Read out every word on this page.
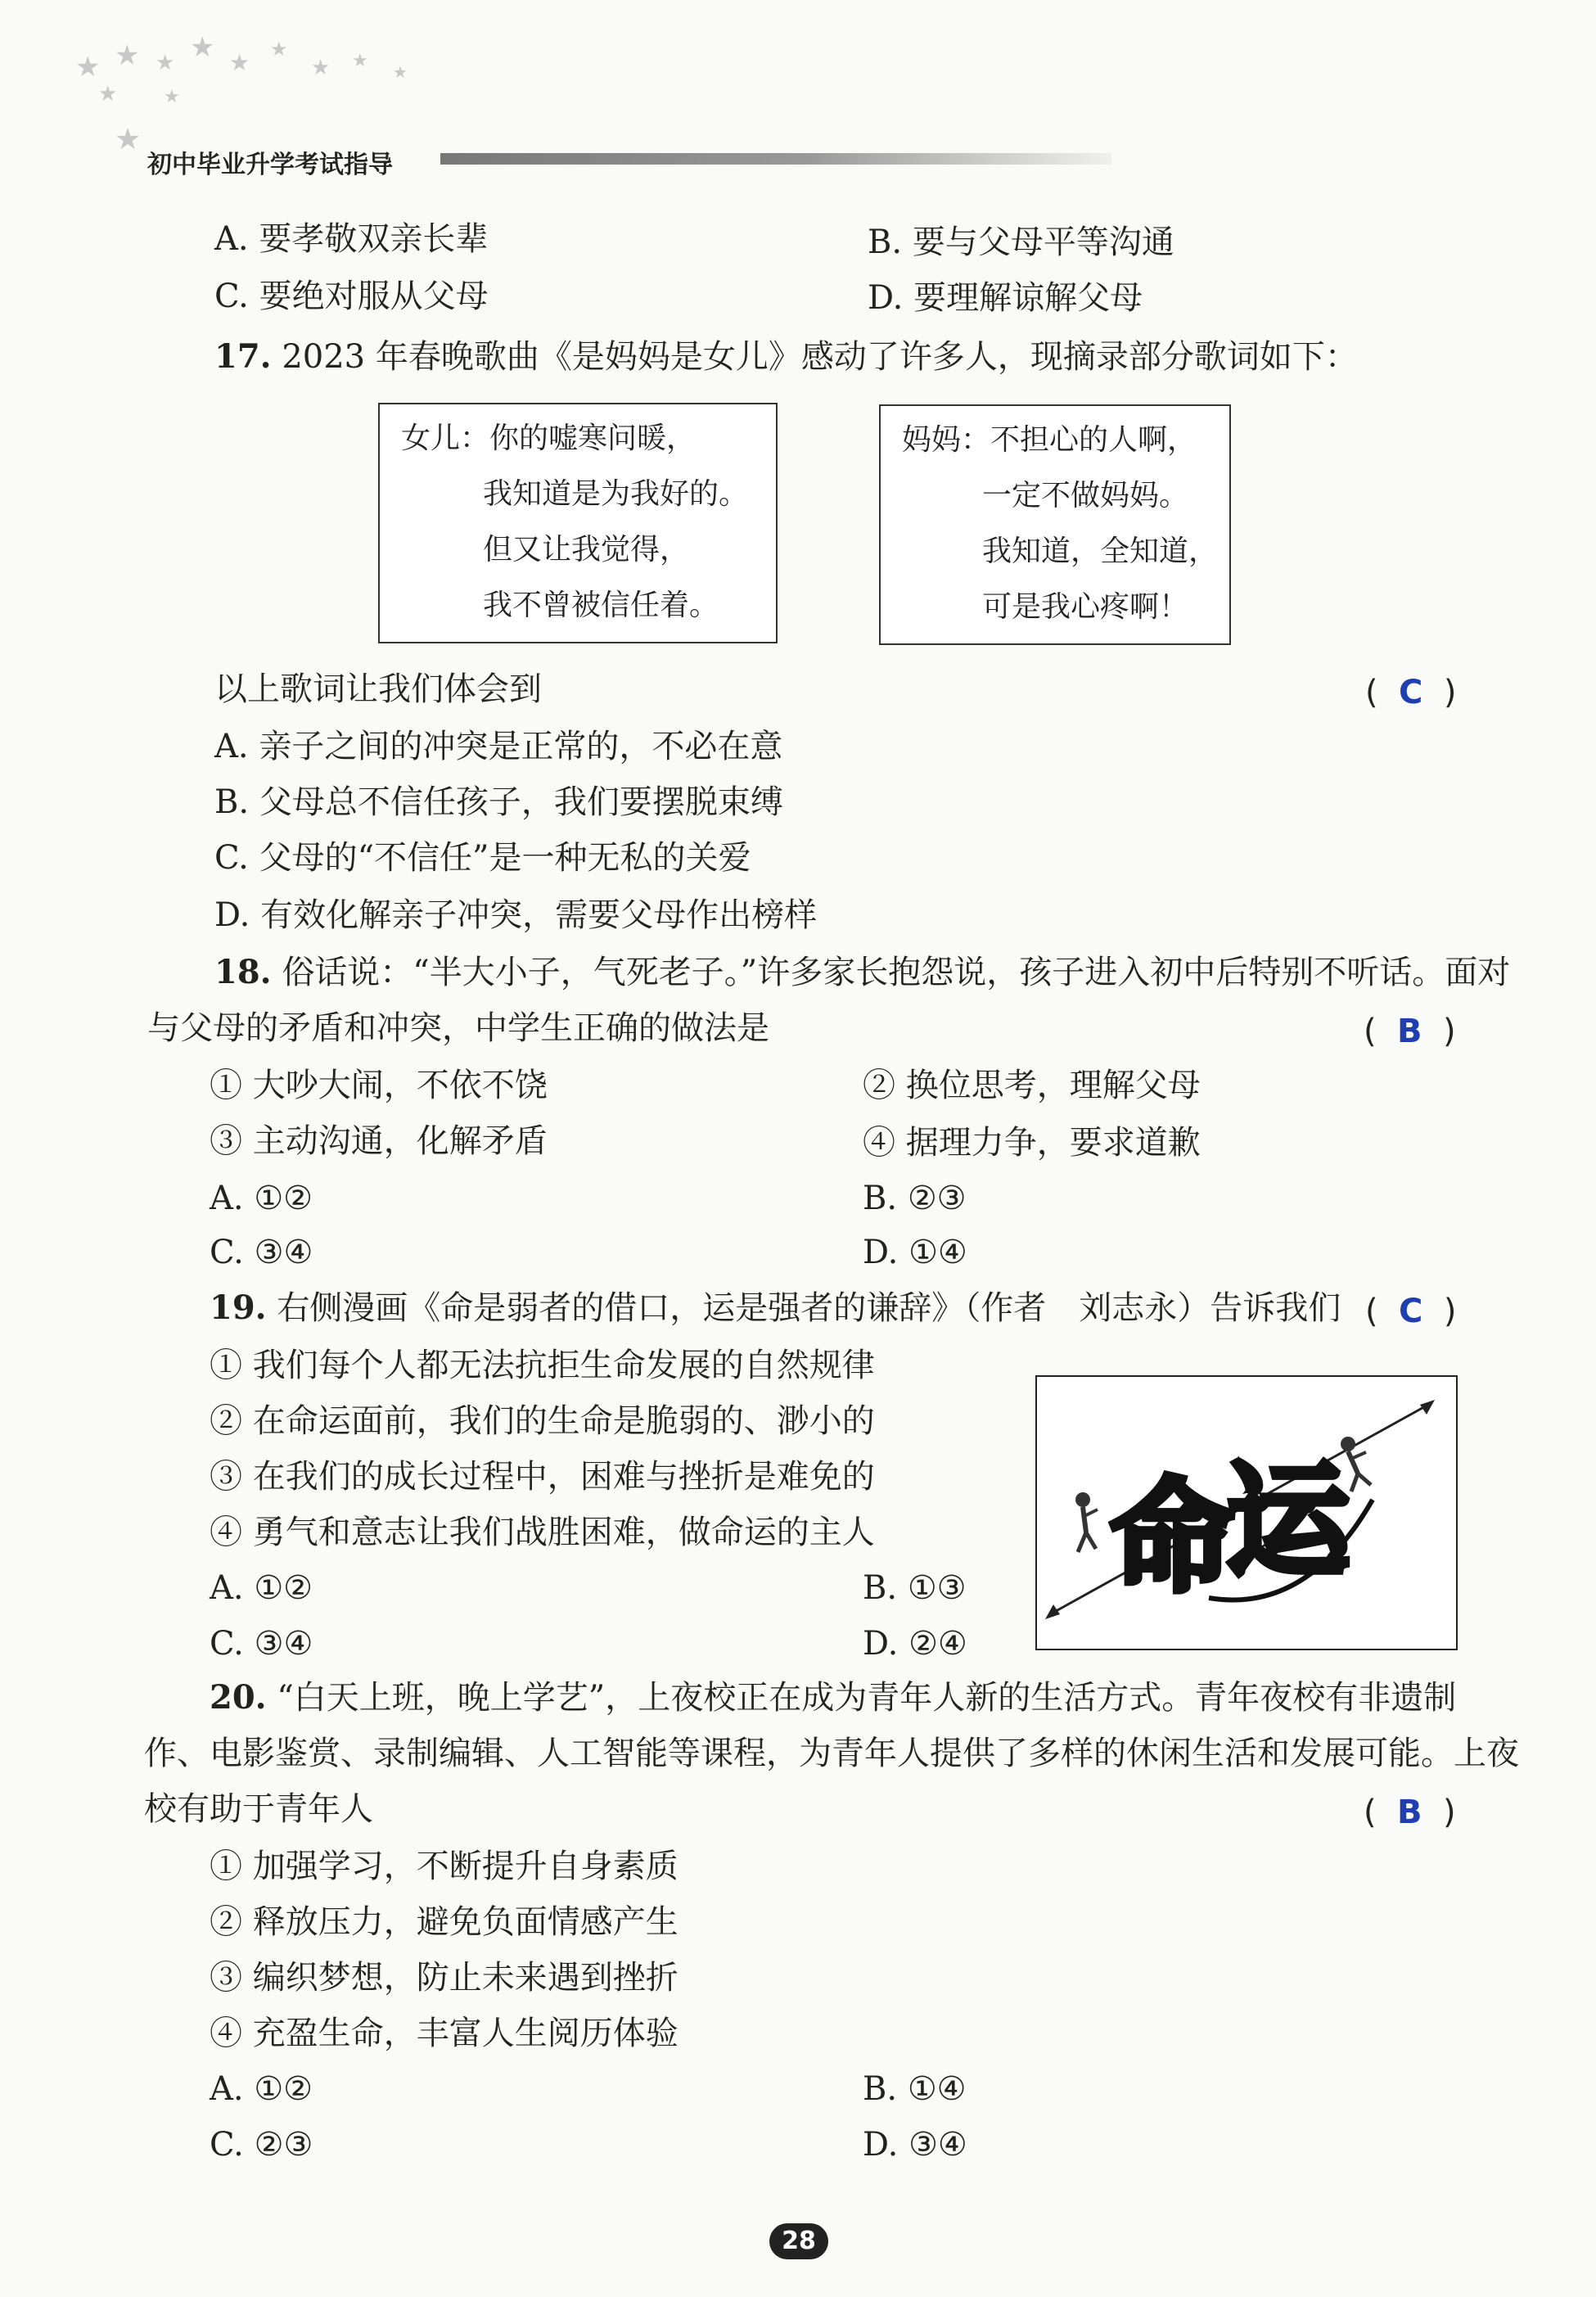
★ ★ ★ ★ ★ ★
★ ★
★
★	★
★
初中毕业升学考试指导
A. 要孝敬双亲长辈	B. 要与父母平等沟通
C. 要绝对服从父母	D. 要理解谅解父母
17. 2023 年春晚歌曲《是妈妈是女儿》感动了许多人，现摘录部分歌词如下：
女儿：你的嘘寒问暖，
我知道是为我好的。
但又让我觉得，
我不曾被信任着。
妈妈：不担心的人啊，
一定不做妈妈。
我知道，全知道，
可是我心疼啊！
以上歌词让我们体会到	(  C  )
A. 亲子之间的冲突是正常的，不必在意
B. 父母总不信任孩子，我们要摆脱束缚
C. 父母的“不信任”是一种无私的关爱
D. 有效化解亲子冲突，需要父母作出榜样
18. 俗话说：“半大小子，气死老子。”许多家长抱怨说，孩子进入初中后特别不听话。面对
与父母的矛盾和冲突，中学生正确的做法是	(  B  )
① 大吵大闹，不依不饶	② 换位思考，理解父母
③ 主动沟通，化解矛盾	④ 据理力争，要求道歉
A. ①②	B. ②③
C. ③④	D. ①④
19. 右侧漫画《命是弱者的借口，运是强者的谦辞》（作者　刘志永）告诉我们 (  C  )
① 我们每个人都无法抗拒生命发展的自然规律
② 在命运面前，我们的生命是脆弱的、渺小的
③ 在我们的成长过程中，困难与挫折是难免的
④ 勇气和意志让我们战胜困难，做命运的主人
A. ①②	B. ①③
C. ③④	D. ②④
命
运
20. “白天上班，晚上学艺”，上夜校正在成为青年人新的生活方式。青年夜校有非遗制
作、电影鉴赏、录制编辑、人工智能等课程，为青年人提供了多样的休闲生活和发展可能。上夜
校有助于青年人	(  B  )
① 加强学习，不断提升自身素质
② 释放压力，避免负面情感产生
③ 编织梦想，防止未来遇到挫折
④ 充盈生命，丰富人生阅历体验
A. ①②	B. ①④
C. ②③	D. ③④
28
